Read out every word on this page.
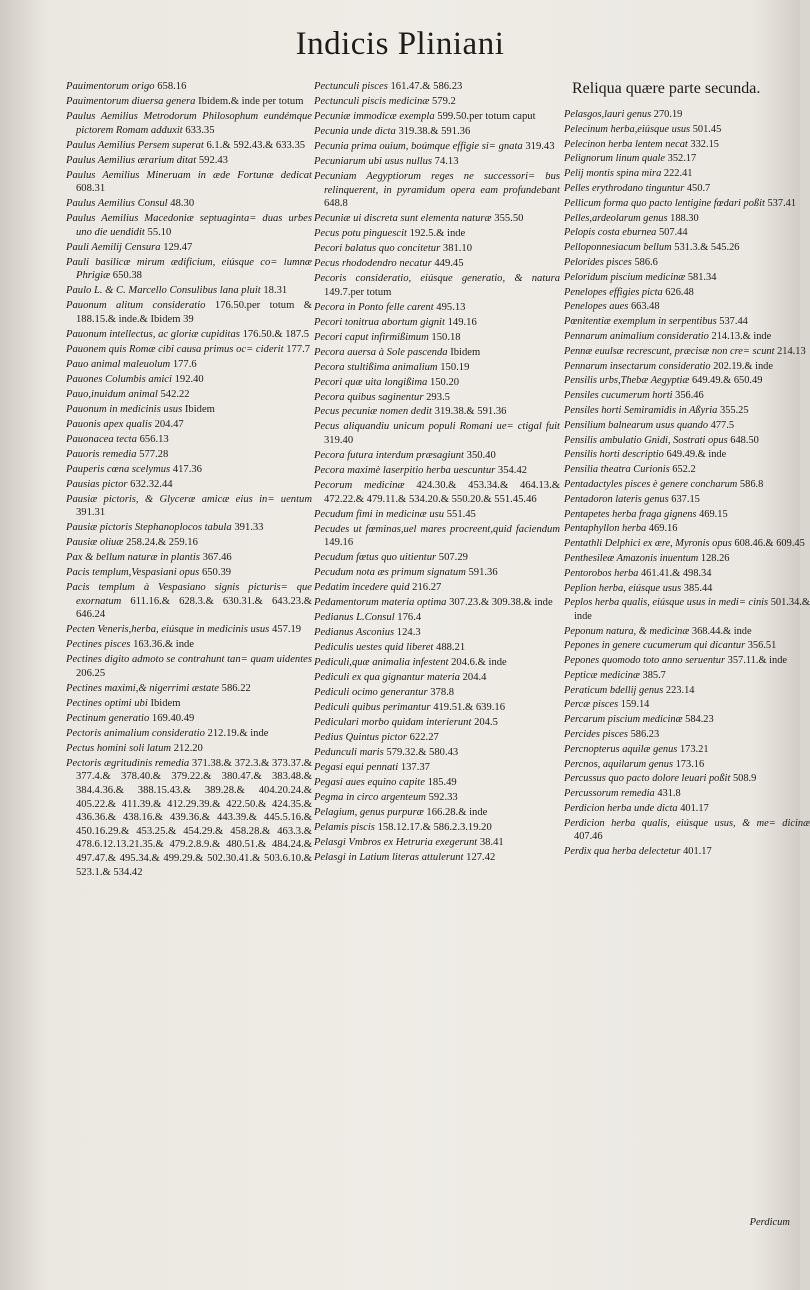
Indicis Pliniani
Pauimentorum origo 658.16
Pauimentorum diuersa genera Ibidem.& inde per totum
Paulus Aemilius Metrodorum Philosophum eundémque pictorem Romam adduxit 633.35
Paulus Aemilius Persem superat 6.1.& 592.43.& 633.35
Paulus Aemilius ærarium ditat 592.43
Paulus Aemilius Mineruam in æde Fortunæ dedicat 608.31
Paulus Aemilius Consul 48.30
Paulus Aemilius Macedoniæ septuaginta= duas urbes uno die uendidit 55.10
Pauli Aemilij Censura 129.47
Pauli basilicæ mirum ædificium, eiúsque co= lumnæ Phrigiæ 650.38
Paulo L. & C. Marcello Consulibus lana pluit 18.31
Pauonum alitum consideratio 176.50.per totum & 188.15.& inde.& Ibidem 39
Pauonum intellectus, ac gloriæ cupiditas 176.50.& 187.5
Pauonem quis Romæ cibi causa primus oc= ciderit 177.7
Pauo animal maleuolum 177.6
Pauones Columbis amici 192.40
Pauo,inuidum animal 542.22
Pauonum in medicinis usus Ibidem
Pauonis apex qualis 204.47
Pauonacea tecta 656.13
Pauoris remedia 577.28
Pauperis cœna scelymus 417.36
Pausias pictor 632.32.44
Pausiæ pictoris, & Glyceræ amicæ eius in= uentum 391.31
Pausiæ pictoris Stephanoplocos tabula 391.33
Pausiæ oliuæ 258.24.& 259.16
Pax & bellum naturæ in plantis 367.46
Pacis templum,Vespasiani opus 650.39
Pacis templum à Vespasiano signis picturis= que exornatum 611.16.& 628.3.& 630.31.& 643.23.& 646.24
Pecten Veneris,herba, eiúsque in medicinis usus 457.19
Pectines pisces 163.36.& inde
Pectines digito admoto se contrahunt tan= quam uidentes 206.25
Pectines maximi,& nigerrimi æstate 586.22
Pectines optimi ubi Ibidem
Pectinum generatio 169.40.49
Pectoris animalium consideratio 212.19.& inde
Pectus homini soli latum 212.20
Pectoris ægritudinis remedia 371.38.& 372.3.& 373.37.& 377.4.& 378.40.& 379.22.& 380.47.& 383.48.& 384.4.36.& 388.15.43.& 389.28.& 404.20.24.& 405.22.& 411.39.& 412.29.39.& 422.50.& 424.35.& 436.36.& 438.16.& 439.36.& 443.39.& 445.5.16.& 450.16.29.& 453.25.& 454.29.& 458.28.& 463.3.& 478.6.12.13.21.35.& 479.2.8.9.& 480.51.& 484.24.& 497.47.& 495.34.& 499.29.& 502.30.41.& 503.6.10.& 523.1.& 534.42
Pectunculi pisces 161.47.& 586.23
Pectunculi piscis medicinæ 579.2
Pecuniæ immodicæ exempla 599.50.per totum caput
Pecunia unde dicta 319.38.& 591.36
Pecunia prima ouium, boúmque effigie si= gnata 319.43
Pecuniarum ubi usus nullus 74.13
Pecuniam Aegyptiorum reges ne successori= bus relinquerent, in pyramidum opera eam profundebant 648.8
Pecuniæ ui discreta sunt elementa naturæ 355.50
Pecus potu pinguescit 192.5.& inde
Pecori balatus quo concitetur 381.10
Pecus rhododendro necatur 449.45
Pecoris consideratio, eiúsque generatio, & natura 149.7.per totum
Pecora in Ponto felle carent 495.13
Pecori tonitrua abortum gignit 149.16
Pecori caput infirmißimum 150.18
Pecora auersa à Sole pascenda Ibidem
Pecora stultißima animalium 150.19
Pecori quæ uita longißima 150.20
Pecora quibus saginentur 293.5
Pecus pecuniæ nomen dedit 319.38.& 591.36
Pecus aliquandiu unicum populi Romani ue= ctigal fuit 319.40
Pecora futura interdum præsagiunt 350.40
Pecora maximè laserpitio herba uescuntur 354.42
Pecorum medicinæ 424.30.& 453.34.& 464.13.& 472.22.& 479.11.& 534.20.& 550.20.& 551.45.46
Pecudum fimi in medicinæ usu 551.45
Pecudes ut fœminas,uel mares procreent,quid faciendum 149.16
Pecudum fœtus quo uitientur 507.29
Pecudum nota æs primum signatum 591.36
Pedatim incedere quid 216.27
Pedamentorum materia optima 307.23.& 309.38.& inde
Pedianus L.Consul 176.4
Pedianus Asconius 124.3
Pediculis uestes quid liberet 488.21
Pediculi,quæ animalia infestent 204.6.& inde
Pediculi ex qua gignantur materia 204.4
Pediculi ocimo generantur 378.8
Pediculi quibus perimantur 419.51.& 639.16
Pediculari morbo quidam interierunt 204.5
Pedius Quintus pictor 622.27
Pedunculi maris 579.32.& 580.43
Pegasi equi pennati 137.37
Pegasi aues equino capite 185.49
Pegma in circo argenteum 592.33
Pelagium, genus purpuræ 166.28.& inde
Pelamis piscis 158.12.17.& 586.2.3.19.20
Pelasgi Vmbros ex Hetruria exegerunt 38.41
Pelasgi in Latium literas attulerunt 127.42
Reliqua quære parte secunda.
Pelasgos,lauri genus 270.19
Pelecinum herba,eiúsque usus 501.45
Pelecinon herba lentem necat 332.15
Pelignorum linum quale 352.17
Pelij montis spina mira 222.41
Pelles erythrodano tinguntur 450.7
Pellicum forma quo pacto lentigine fœdari poßit 537.41
Pelles,ardeolarum genus 188.30
Pelopis costa eburnea 507.44
Pelloponnesiacum bellum 531.3.& 545.26
Pelorides pisces 586.6
Peloridum piscium medicinæ 581.34
Penelopes effigies picta 626.48
Penelopes aues 663.48
Pœnitentiæ exemplum in serpentibus 537.44
Pennarum animalium consideratio 214.13.& inde
Pennæ euulsæ recrescunt, præcisæ non cre= scunt 214.13
Pennarum insectarum consideratio 202.19.& inde
Pensilis urbs,Thebæ Aegyptiæ 649.49.& 650.49
Pensiles cucumerum horti 356.46
Pensiles horti Semiramidis in Aßyria 355.25
Pensilium balnearum usus quando 477.5
Pensilis ambulatio Gnidi, Sostrati opus 648.50
Pensilis horti descriptio 649.49.& inde
Pensilia theatra Curionis 652.2
Pentadactyles pisces è genere concharum 586.8
Pentadoron lateris genus 637.15
Pentapetes herba fraga gignens 469.15
Pentaphyllon herba 469.16
Pentathli Delphici ex ære, Myronis opus 608.46.& 609.45
Penthesileæ Amazonis inuentum 128.26
Pentorobos herba 461.41.& 498.34
Peplion herba, eiúsque usus 385.44
Peplos herba qualis, eiúsque usus in medi= cinis 501.34.& inde
Peponum natura, & medicinæ 368.44.& inde
Pepones in genere cucumerum qui dicantur 356.51
Pepones quomodo toto anno seruentur 357.11.& inde
Pepticæ medicinæ 385.7
Peraticum bdellij genus 223.14
Percæ pisces 159.14
Percarum piscium medicinæ 584.23
Percides pisces 586.23
Percnopterus aquilæ genus 173.21
Percnos, aquilarum genus 173.16
Percussus quo pacto dolore leuari poßit 508.9
Percussorum remedia 431.8
Perdicion herba unde dicta 401.17
Perdicion herba qualis, eiúsque usus, & me= dicinæ 407.46
Perdix qua herba delectetur 401.17
Perdicum
